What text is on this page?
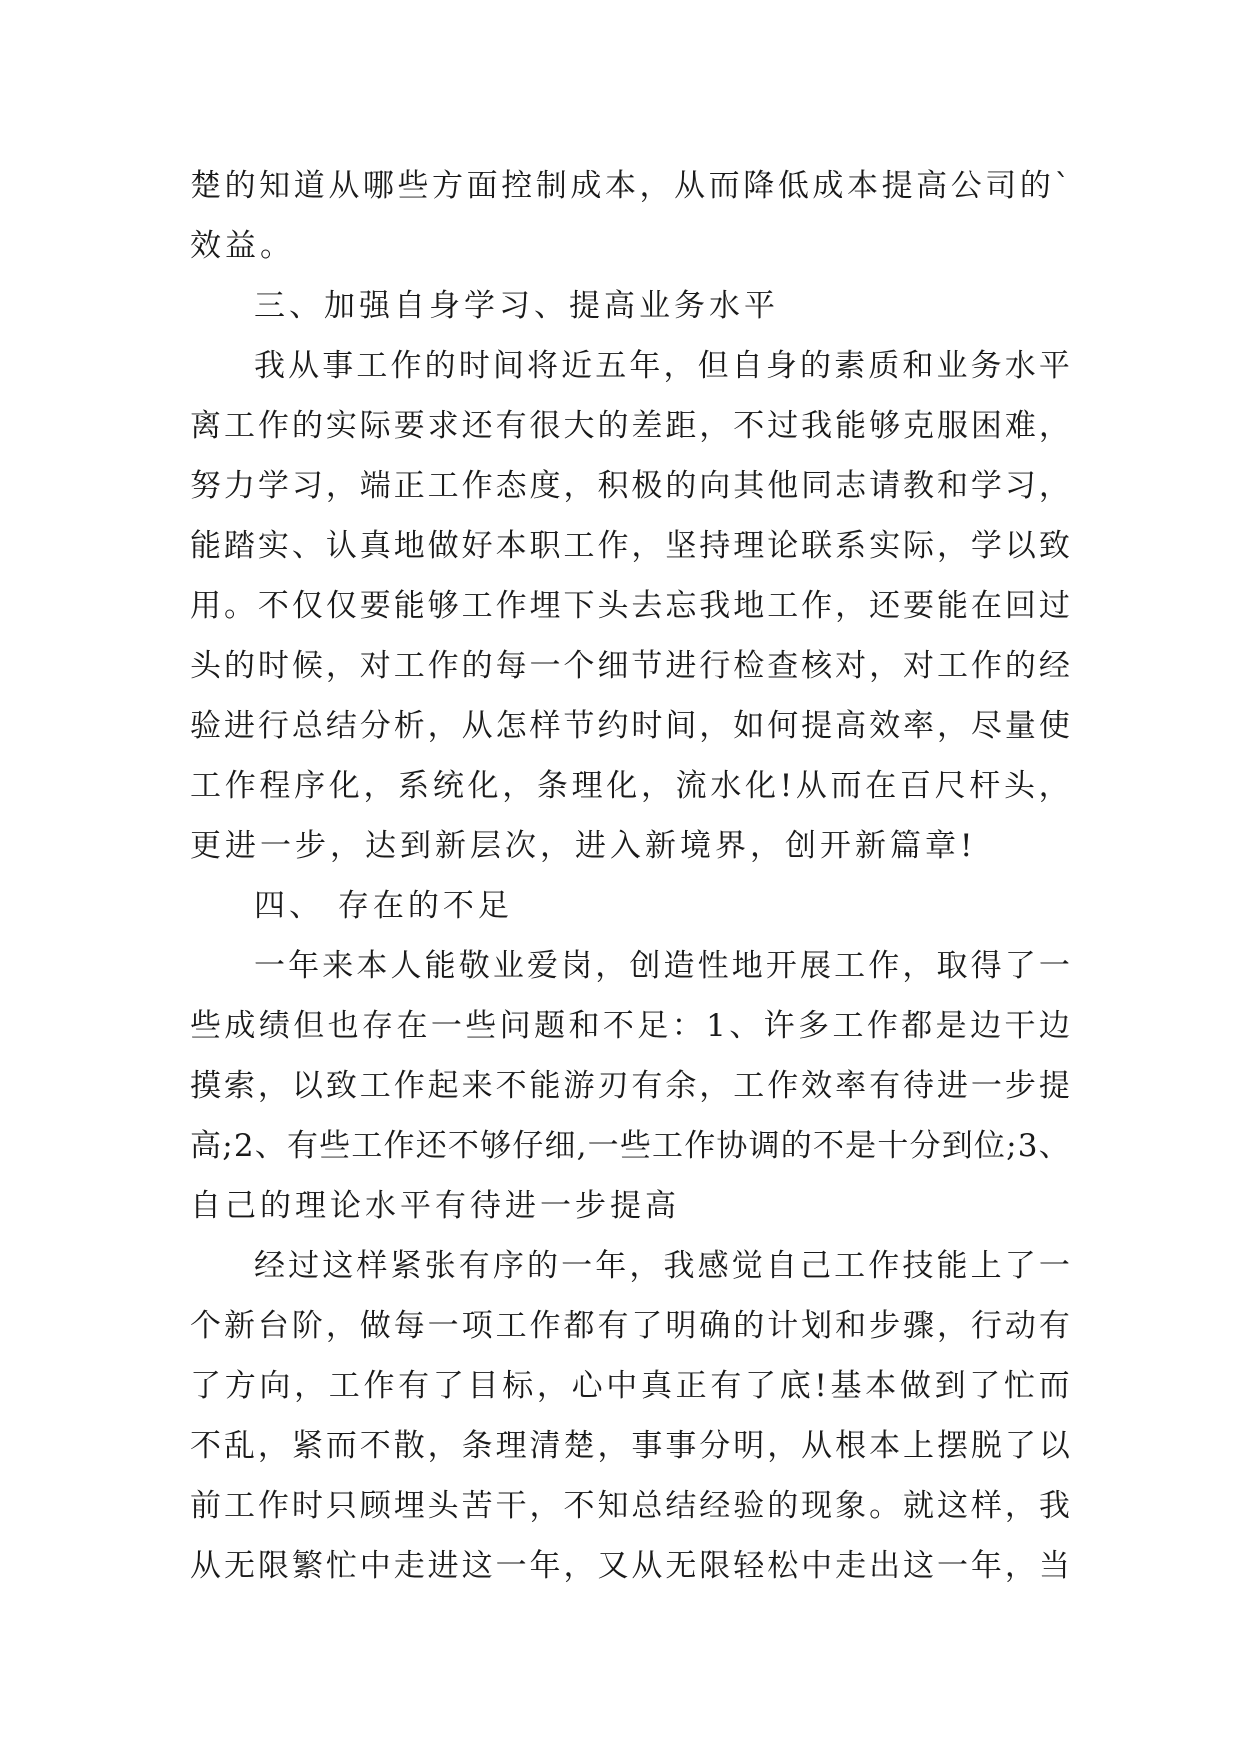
楚 的 知 道 从 哪 些 方 面 控 制 成 本 ， 从 而 降 低 成 本 提 高 公 司 的 `
效益。
三、加强自身学习、提高业务水平
我 从 事 工 作 的 时 间 将 近 五 年 ， 但 自 身 的 素 质 和 业 务 水 平
离 工 作 的 实 际 要 求 还 有 很 大 的 差 距 ， 不 过 我 能 够 克 服 困 难 ，
努 力 学 习 ， 端 正 工 作 态 度 ， 积 极 的 向 其 他 同 志 请 教 和 学 习 ，
能 踏 实 、 认 真 地 做 好 本 职 工 作 ， 坚 持 理 论 联 系 实 际 ， 学 以 致
用 。 不 仅 仅 要 能 够 工 作 埋 下 头 去 忘 我 地 工 作 ， 还 要 能 在 回 过
头 的 时 候 ， 对 工 作 的 每 一 个 细 节 进 行 检 查 核 对 ， 对 工 作 的 经
验 进 行 总 结 分 析 ， 从 怎 样 节 约 时 间 ， 如 何 提 高 效 率 ， 尽 量 使
工 作 程 序 化 ， 系 统 化 ， 条 理 化 ， 流 水 化 ! 从 而 在 百 尺 杆 头 ，
更进一步，达到新层次，进入新境界，创开新篇章!
四、 存在的不足
一 年 来 本 人 能 敬 业 爱 岗 ， 创 造 性 地 开 展 工 作 ， 取 得 了 一
些 成 绩 但 也 存 在 一 些 问 题 和 不 足 ： 1 、 许 多 工 作 都 是 边 干 边
摸 索 ， 以 致 工 作 起 来 不 能 游 刃 有 余 ， 工 作 效 率 有 待 进 一 步 提
高 ; 2 、 有 些 工 作 还 不 够 仔 细 , 一 些 工 作 协 调 的 不 是 十 分 到 位 ; 3 、
自己的理论水平有待进一步提高
经 过 这 样 紧 张 有 序 的 一 年 ， 我 感 觉 自 己 工 作 技 能 上 了 一
个 新 台 阶 ， 做 每 一 项 工 作 都 有 了 明 确 的 计 划 和 步 骤 ， 行 动 有
了 方 向 ， 工 作 有 了 目 标 ， 心 中 真 正 有 了 底 ! 基 本 做 到 了 忙 而
不 乱 ， 紧 而 不 散 ， 条 理 清 楚 ， 事 事 分 明 ， 从 根 本 上 摆 脱 了 以
前 工 作 时 只 顾 埋 头 苦 干 ， 不 知 总 结 经 验 的 现 象 。 就 这 样 ， 我
从 无 限 繁 忙 中 走 进 这 一 年 ， 又 从 无 限 轻 松 中 走 出 这 一 年 ， 当
